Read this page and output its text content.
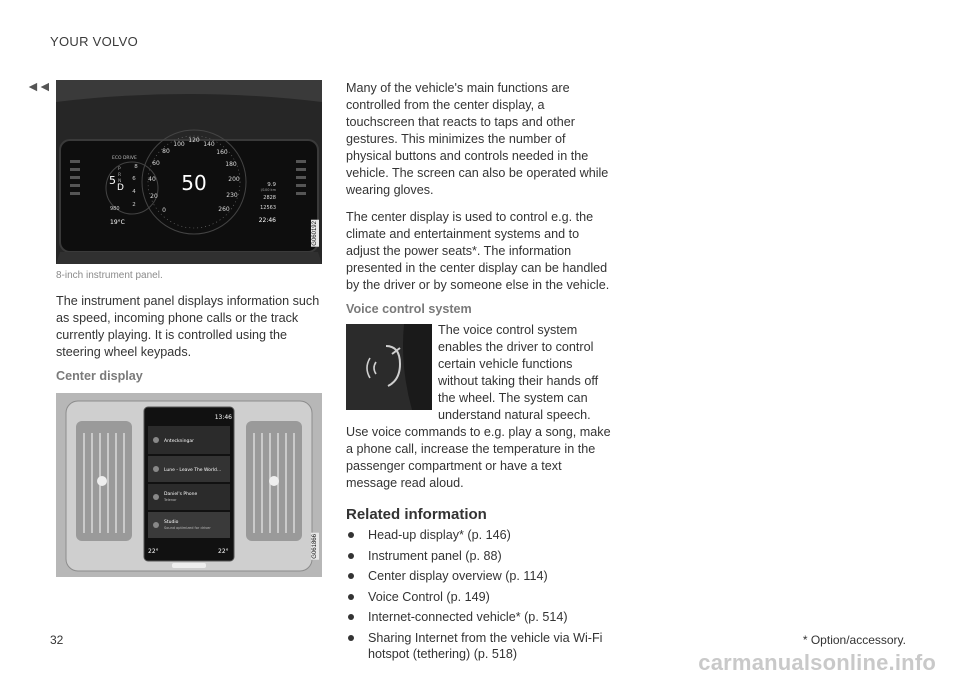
YOUR VOLVO
◄◄
0
20
40
60
80
100
120
140
160
180
200
230
260
50
2
4
6
8
ECO DRIVE
P
R
N
5
D
980
19°C
9.9
l/100 km
2828
12563
22:46
G060192
8-inch instrument panel.

The instrument panel displays information such as speed, incoming phone calls or the track currently playing. It is controlled using the steering wheel keypads.

Center display
13:46
Anteckningar
Lune - Leave The World...
Daniel's Phone
Studio
Telenor
Sound optimized for driver
22°	22°	G061866

Many of the vehicle's main functions are controlled from the center display, a touchscreen that reacts to taps and other gestures. This minimizes the number of physical buttons and controls needed in the vehicle. The screen can also be operated while wearing gloves.

The center display is used to control e.g. the climate and entertainment systems and to adjust the power seats*. The information presented in the center display can be handled by the driver or by someone else in the vehicle.

Voice control system

The voice control system enables the driver to control certain vehicle functions without taking their hands off the wheel. The system can understand natural speech. Use voice commands to e.g. play a song, make a phone call, increase the temperature in the passenger compartment or have a text message read aloud.

Related information
Head-up display* (p. 146)
Instrument panel (p. 88)
Center display overview (p. 114)
Voice Control (p. 149)
Internet-connected vehicle* (p. 514)
Sharing Internet from the vehicle via Wi-Fi hotspot (tethering) (p. 518)
32	* Option/accessory.
carmanualsonline.info
